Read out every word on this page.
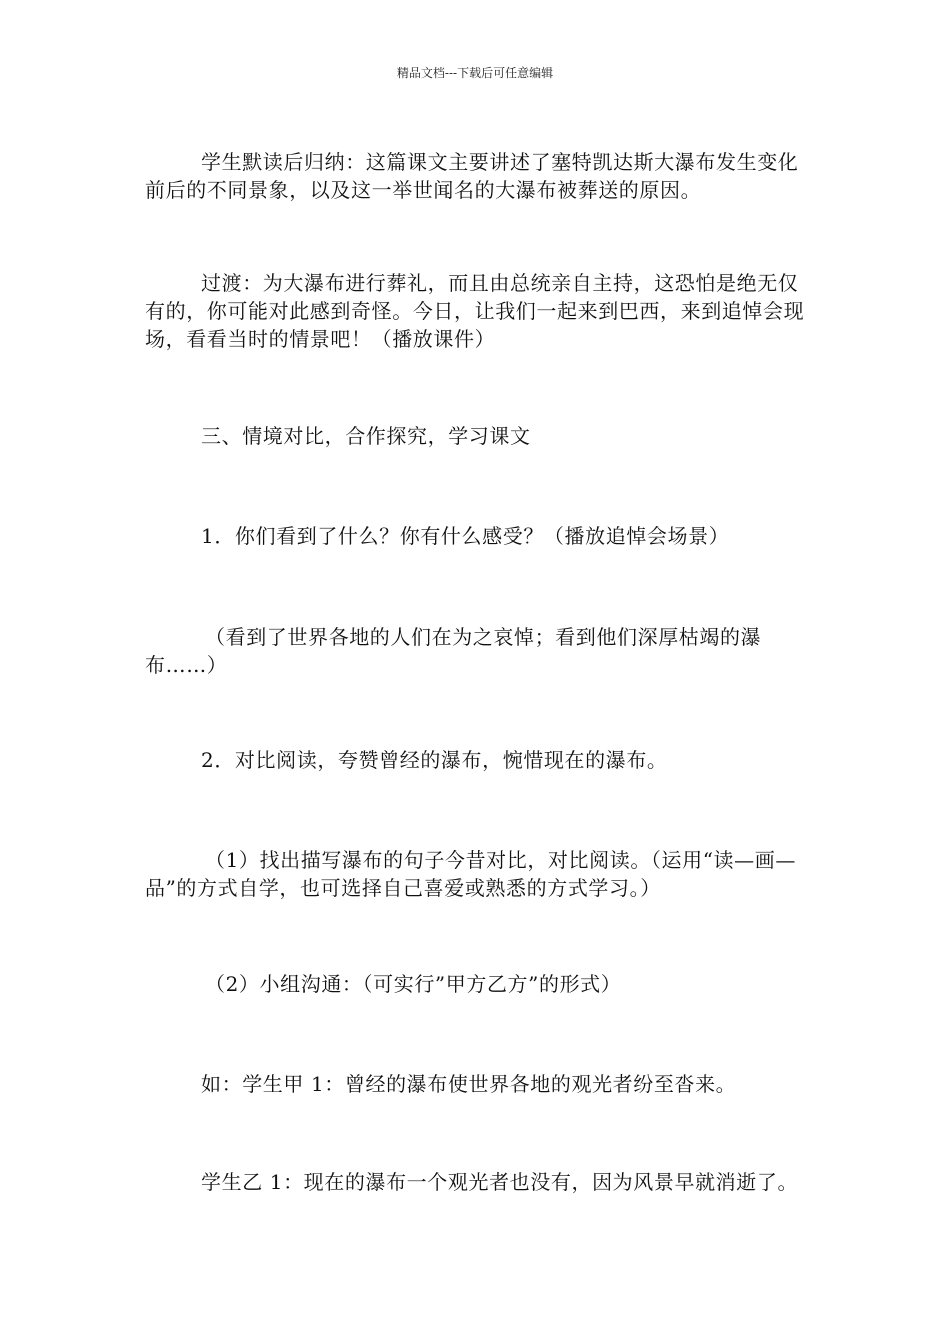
精品文档---下载后可任意编辑

学生默读后归纳：这篇课文主要讲述了塞特凯达斯大瀑布发生变化前后的不同景象，以及这一举世闻名的大瀑布被葬送的原因。

过渡：为大瀑布进行葬礼，而且由总统亲自主持，这恐怕是绝无仅有的，你可能对此感到奇怪。今日，让我们一起来到巴西，来到追悼会现场，看看当时的情景吧！（播放课件）

三、情境对比，合作探究，学习课文

1．你们看到了什么？你有什么感受？（播放追悼会场景）

（看到了世界各地的人们在为之哀悼；看到他们深厚枯竭的瀑布……）

2．对比阅读，夸赞曾经的瀑布，惋惜现在的瀑布。

（1）找出描写瀑布的句子今昔对比，对比阅读。（运用“读—画—品”的方式自学，也可选择自己喜爱或熟悉的方式学习。）

（2）小组沟通：（可实行”甲方乙方”的形式）

如：学生甲 1：曾经的瀑布使世界各地的观光者纷至沓来。

学生乙 1：现在的瀑布一个观光者也没有，因为风景早就消逝了。
